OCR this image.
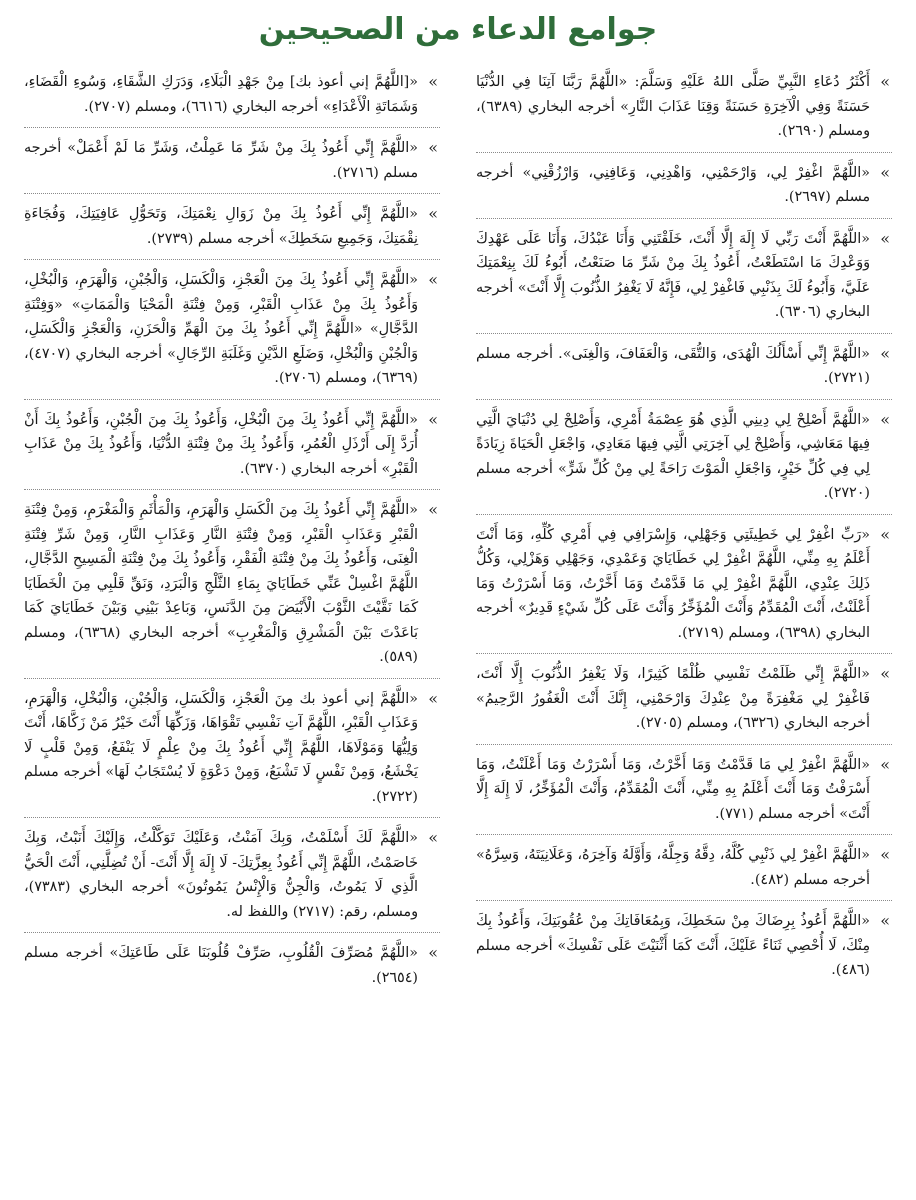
جوامع الدعاء من الصحيحين
» أَكْثَرُ دُعَاءِ النَّبِيِّ صَلَّى اللهُ عَلَيْهِ وَسَلَّمَ: «اللَّهُمَّ رَبَّنَا آتِنَا فِي الدُّنْيَا حَسَنَةً وَفِي الْآخِرَةِ حَسَنَةً وَقِنَا عَذَابَ النَّارِ» أخرجه البخاري (٦٣٨٩)، ومسلم (٢٦٩٠).
» «اللَّهُمَّ اغْفِرْ لِي، وَارْحَمْنِي، وَاهْدِنِي، وَعَافِنِي، وَارْزُقْنِي» أخرجه مسلم (٢٦٩٧).
» «اللَّهُمَّ أَنْتَ رَبِّي لَا إِلَهَ إِلَّا أَنْتَ، خَلَقْتَنِي وَأَنَا عَبْدُكَ، وَأَنَا عَلَى عَهْدِكَ وَوَعْدِكَ مَا اسْتَطَعْتُ، أَعُوذُ بِكَ مِنْ شَرِّ مَا صَنَعْتُ، أَبُوءُ لَكَ بِنِعْمَتِكَ عَلَيَّ، وَأَبُوءُ لَكَ بِذَنْبِي فَاغْفِرْ لِي، فَإِنَّهُ لَا يَغْفِرُ الذُّنُوبَ إِلَّا أَنْتَ» أخرجه البخاري (٦٣٠٦).
» «اللَّهُمَّ إِنِّي أَسْأَلُكَ الْهُدَى، وَالتُّقَى، وَالْعَفَافَ، وَالْغِنَى». أخرجه مسلم (٢٧٢١).
» «اللَّهُمَّ أَصْلِحْ لِي دِينِي الَّذِي هُوَ عِصْمَةُ أَمْرِي، وَأَصْلِحْ لِي دُنْيَايَ الَّتِي فِيهَا مَعَاشِي، وَأَصْلِحْ لِي آخِرَتِي الَّتِي فِيهَا مَعَادِي، وَاجْعَلِ الْحَيَاةَ زِيَادَةً لِي فِي كُلِّ خَيْرٍ، وَاجْعَلِ الْمَوْتَ رَاحَةً لِي مِنْ كُلِّ شَرٍّ» أخرجه مسلم (٢٧٢٠).
» «رَبِّ اغْفِرْ لِي خَطِيئَتِي وَجَهْلِي، وَإِسْرَافِي فِي أَمْرِي كُلِّهِ، وَمَا أَنْتَ أَعْلَمُ بِهِ مِنِّي، اللَّهُمَّ اغْفِرْ لِي خَطَايَايَ وَعَمْدِي، وَجَهْلِي وَهَزْلِي، وَكُلُّ ذَلِكَ عِنْدِي، اللَّهُمَّ اغْفِرْ لِي مَا قَدَّمْتُ وَمَا أَخَّرْتُ، وَمَا أَسْرَرْتُ وَمَا أَعْلَنْتُ، أَنْتَ الْمُقَدِّمُ وَأَنْتَ الْمُؤَخِّرُ وَأَنْتَ عَلَى كُلِّ شَيْءٍ قَدِيرٌ» أخرجه البخاري (٦٣٩٨)، ومسلم (٢٧١٩).
» «اللَّهُمَّ إِنِّي ظَلَمْتُ نَفْسِي ظُلْمًا كَثِيرًا، وَلَا يَغْفِرُ الذُّنُوبَ إِلَّا أَنْتَ، فَاغْفِرْ لِي مَغْفِرَةً مِنْ عِنْدِكَ وَارْحَمْنِي، إِنَّكَ أَنْتَ الْغَفُورُ الرَّحِيمُ» أخرجه البخاري (٦٣٢٦)، ومسلم (٢٧٠٥).
» «اللَّهُمَّ اغْفِرْ لِي مَا قَدَّمْتُ وَمَا أَخَّرْتُ، وَمَا أَسْرَرْتُ وَمَا أَعْلَنْتُ، وَمَا أَسْرَفْتُ وَمَا أَنْتَ أَعْلَمُ بِهِ مِنِّي، أَنْتَ الْمُقَدِّمُ، وَأَنْتَ الْمُؤَخِّرُ، لَا إِلَهَ إِلَّا أَنْتَ» أخرجه مسلم (٧٧١).
» «اللَّهُمَّ اغْفِرْ لِي ذَنْبِي كُلَّهُ، دِقَّهُ وَجِلَّهُ، وَأَوَّلَهُ وَآخِرَهُ، وَعَلَانِيَتَهُ، وَسِرَّهُ» أخرجه مسلم (٤٨٢).
» «اللَّهُمَّ أَعُوذُ بِرِضَاكَ مِنْ سَخَطِكَ، وَبِمُعَافَاتِكَ مِنْ عُقُوبَتِكَ، وَأَعُوذُ بِكَ مِنْكَ، لَا أُحْصِي ثَنَاءً عَلَيْكَ، أَنْتَ كَمَا أَثْنَيْتَ عَلَى نَفْسِكَ» أخرجه مسلم (٤٨٦).
» «[اللَّهُمَّ إني أعوذ بك] مِنْ جَهْدِ الْبَلَاءِ، وَدَرَكِ الشَّقَاءِ، وَسُوءِ الْقَضَاءِ، وَشَمَاتَةِ الْأَعْدَاءِ» أخرجه البخاري (٦٦١٦)، ومسلم (٢٧٠٧).
» «اللَّهُمَّ إِنِّي أَعُوذُ بِكَ مِنْ شَرِّ مَا عَمِلْتُ، وَشَرِّ مَا لَمْ أَعْمَلْ» أخرجه مسلم (٢٧١٦).
» «اللَّهُمَّ إِنِّي أَعُوذُ بِكَ مِنْ زَوَالِ نِعْمَتِكَ، وَتَحَوُّلِ عَافِيَتِكَ، وَفُجَاءَةِ نِقْمَتِكَ، وَجَمِيعِ سَخَطِكَ» أخرجه مسلم (٢٧٣٩).
» «اللَّهُمَّ إِنِّي أَعُوذُ بِكَ مِنَ الْعَجْزِ، وَالْكَسَلِ، وَالْجُبْنِ، وَالْهَرَمِ، وَالْبُخْلِ، وَأَعُوذُ بِكَ مِنْ عَذَابِ الْقَبْرِ، وَمِنْ فِتْنَةِ الْمَحْيَا وَالْمَمَاتِ» «وَفِتْنَةِ الدَّجَّالِ» «اللَّهُمَّ إِنِّي أَعُوذُ بِكَ مِنَ الْهَمِّ وَالْحَزَنِ، وَالْعَجْزِ وَالْكَسَلِ، وَالْجُبْنِ وَالْبُخْلِ، وَضَلَعِ الدَّيْنِ وَغَلَبَةِ الرِّجَالِ» أخرجه البخاري (٤٧٠٧)، (٦٣٦٩)، ومسلم (٢٧٠٦).
» «اللَّهُمَّ إِنِّي أَعُوذُ بِكَ مِنَ الْبُخْلِ، وَأَعُوذُ بِكَ مِنَ الْجُبْنِ، وَأَعُوذُ بِكَ أَنْ أُرَدَّ إِلَى أَرْذَلِ الْعُمُرِ، وَأَعُوذُ بِكَ مِنْ فِتْنَةِ الدُّنْيَا، وَأَعُوذُ بِكَ مِنْ عَذَابِ الْقَبْرِ» أخرجه البخاري (٦٣٧٠).
» «اللَّهُمَّ إِنِّي أَعُوذُ بِكَ مِنَ الْكَسَلِ وَالْهَرَمِ، وَالْمَأْثَمِ وَالْمَغْرَمِ، وَمِنْ فِتْنَةِ الْقَبْرِ وَعَذَابِ الْقَبْرِ، وَمِنْ فِتْنَةِ النَّارِ وَعَذَابِ النَّارِ، وَمِنْ شَرِّ فِتْنَةِ الْغِنَى، وَأَعُوذُ بِكَ مِنْ فِتْنَةِ الْفَقْرِ، وَأَعُوذُ بِكَ مِنْ فِتْنَةِ الْمَسِيحِ الدَّجَّالِ، اللَّهُمَّ اغْسِلْ عَنِّي خَطَايَايَ بِمَاءِ الثَّلْجِ وَالْبَرَدِ، وَنَقِّ قَلْبِي مِنَ الْخَطَايَا كَمَا نَقَّيْتَ الثَّوْبَ الْأَبْيَضَ مِنَ الدَّنَسِ، وَبَاعِدْ بَيْنِي وَبَيْنَ خَطَايَايَ كَمَا بَاعَدْتَ بَيْنَ الْمَشْرِقِ وَالْمَغْرِبِ» أخرجه البخاري (٦٣٦٨)، ومسلم (٥٨٩).
» «اللَّهُمَّ إني أعوذ بك مِنَ الْعَجْزِ، وَالْكَسَلِ، وَالْجُبْنِ، وَالْبُخْلِ، وَالْهَرَمِ، وَعَذَابِ الْقَبْرِ، اللَّهُمَّ آتِ نَفْسِي تَقْوَاهَا، وَزَكِّهَا أَنْتَ خَيْرُ مَنْ زَكَّاهَا، أَنْتَ وَلِيُّهَا وَمَوْلَاهَا، اللَّهُمَّ إِنِّي أَعُوذُ بِكَ مِنْ عِلْمٍ لَا يَنْفَعُ، وَمِنْ قَلْبٍ لَا يَخْشَعُ، وَمِنْ نَفْسٍ لَا تَشْبَعُ، وَمِنْ دَعْوَةٍ لَا يُسْتَجَابُ لَهَا» أخرجه مسلم (٢٧٢٢).
» «اللَّهُمَّ لَكَ أَسْلَمْتُ، وَبِكَ آمَنْتُ، وَعَلَيْكَ تَوَكَّلْتُ، وَإِلَيْكَ أَنَبْتُ، وَبِكَ خَاصَمْتُ، اللَّهُمَّ إِنِّي أَعُوذُ بِعِزَّتِكَ- لَا إِلَهَ إِلَّا أَنْتَ- أَنْ تُضِلَّنِي، أَنْتَ الْحَيُّ الَّذِي لَا يَمُوتُ، وَالْجِنُّ وَالْإِنْسُ يَمُوتُونَ» أخرجه البخاري (٧٣٨٣)، ومسلم، رقم: (٢٧١٧) واللفظ له.
» «اللَّهُمَّ مُصَرِّفَ الْقُلُوبِ، صَرِّفْ قُلُوبَنَا عَلَى طَاعَتِكَ» أخرجه مسلم (٢٦٥٤).
